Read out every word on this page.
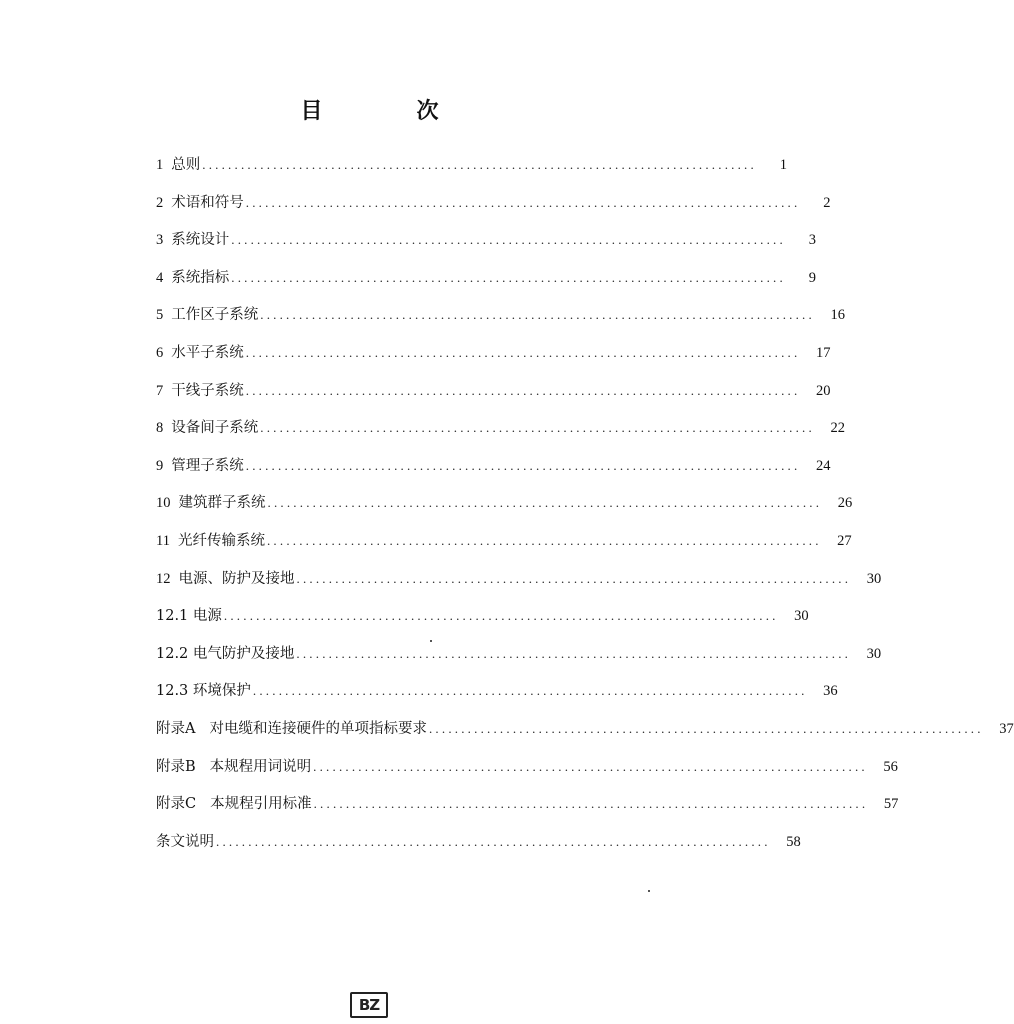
目　次
1 总则 ......................................................................................	1
2 术语和符号 ......................................................................................	2
3 系统设计 ......................................................................................	3
4 系统指标 ......................................................................................	9
5 工作区子系统 ......................................................................................	16
6 水平子系统 ......................................................................................	17
7 干线子系统 ......................................................................................	20
8 设备间子系统 ......................................................................................	22
9 管理子系统 ......................................................................................	24
10 建筑群子系统 ......................................................................................	26
11 光纤传输系统 ......................................................................................	27
12 电源、防护及接地 ......................................................................................	30
12.1 电源 ......................................................................................	30
12.2 电气防护及接地 ......................................................................................	30
12.3 环境保护 ......................................................................................	36
附录A 对电缆和连接硬件的单项指标要求 ......................................................................................	37
附录B 本规程用词说明 ......................................................................................	56
附录C 本规程引用标准 ......................................................................................	57
条文说明 ......................................................................................	58
BZ
